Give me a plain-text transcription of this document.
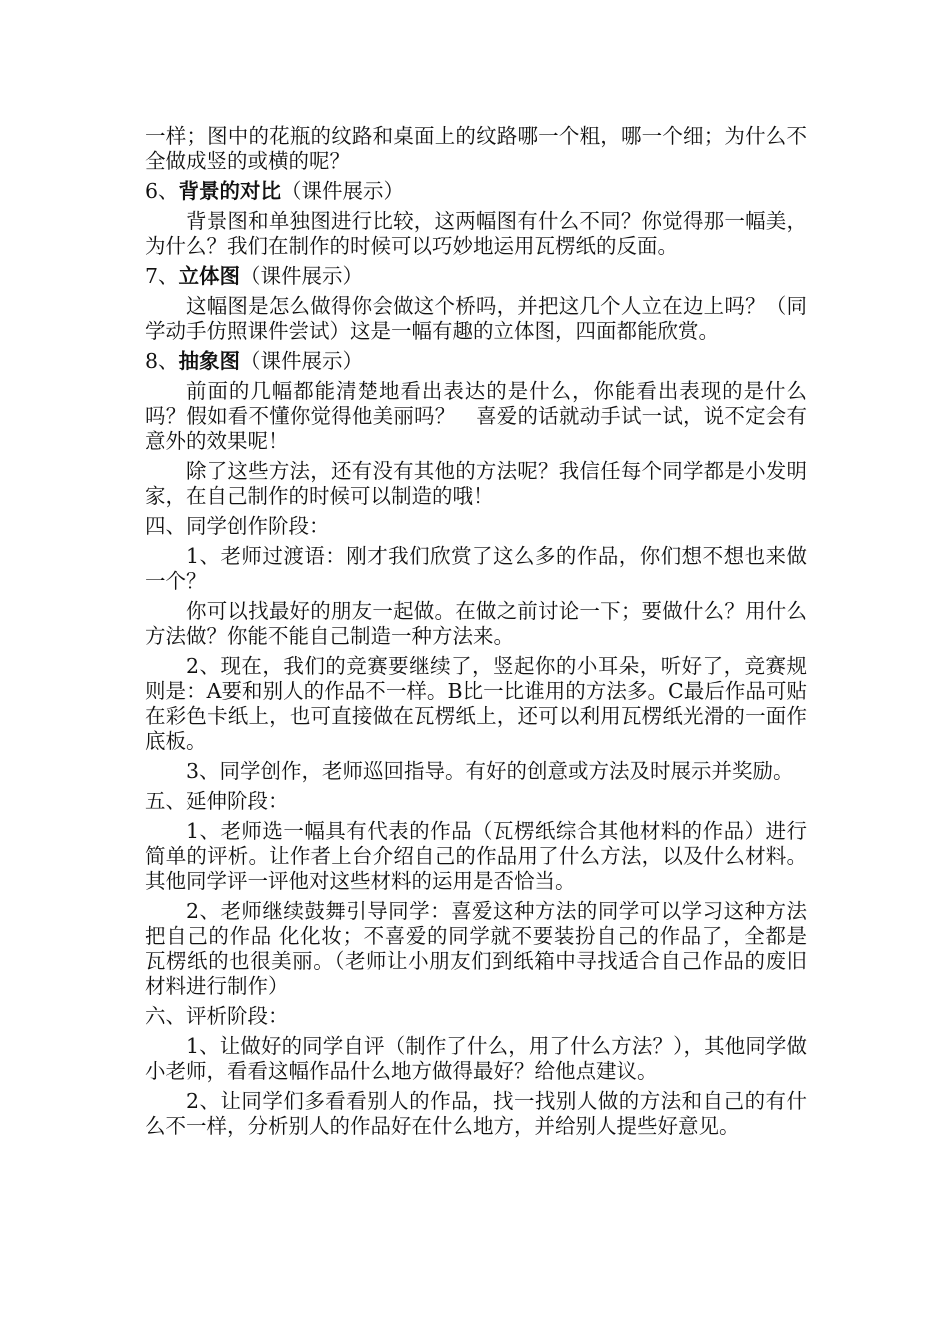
一样；图中的花瓶的纹路和桌面上的纹路哪一个粗，哪一个细；为什么不全做成竖的或横的呢？

6、背景的对比（课件展示）

背景图和单独图进行比较，这两幅图有什么不同？你觉得那一幅美，为什么？我们在制作的时候可以巧妙地运用瓦楞纸的反面。

7、立体图（课件展示）

这幅图是怎么做得你会做这个桥吗，并把这几个人立在边上吗？（同学动手仿照课件尝试）这是一幅有趣的立体图，四面都能欣赏。

8、抽象图（课件展示）

前面的几幅都能清楚地看出表达的是什么，你能看出表现的是什么吗？假如看不懂你觉得他美丽吗？　喜爱的话就动手试一试，说不定会有意外的效果呢！

除了这些方法，还有没有其他的方法呢？我信任每个同学都是小发明家，在自己制作的时候可以制造的哦！

四、同学创作阶段：

1、老师过渡语：刚才我们欣赏了这么多的作品，你们想不想也来做一个？

你可以找最好的朋友一起做。在做之前讨论一下；要做什么？用什么方法做？你能不能自己制造一种方法来。

2、现在，我们的竞赛要继续了，竖起你的小耳朵，听好了，竞赛规则是：A要和别人的作品不一样。B比一比谁用的方法多。C最后作品可贴在彩色卡纸上，也可直接做在瓦楞纸上，还可以利用瓦楞纸光滑的一面作底板。

3、同学创作，老师巡回指导。有好的创意或方法及时展示并奖励。

五、延伸阶段：

1、老师选一幅具有代表的作品（瓦楞纸综合其他材料的作品）进行简单的评析。让作者上台介绍自己的作品用了什么方法，以及什么材料。其他同学评一评他对这些材料的运用是否恰当。

2、老师继续鼓舞引导同学：喜爱这种方法的同学可以学习这种方法把自己的作品 化化妆；不喜爱的同学就不要装扮自己的作品了，全都是瓦楞纸的也很美丽。（老师让小朋友们到纸箱中寻找适合自己作品的废旧材料进行制作）

六、评析阶段：

1、让做好的同学自评（制作了什么，用了什么方法？），其他同学做小老师，看看这幅作品什么地方做得最好？给他点建议。

2、让同学们多看看别人的作品，找一找别人做的方法和自己的有什么不一样，分析别人的作品好在什么地方，并给别人提些好意见。
